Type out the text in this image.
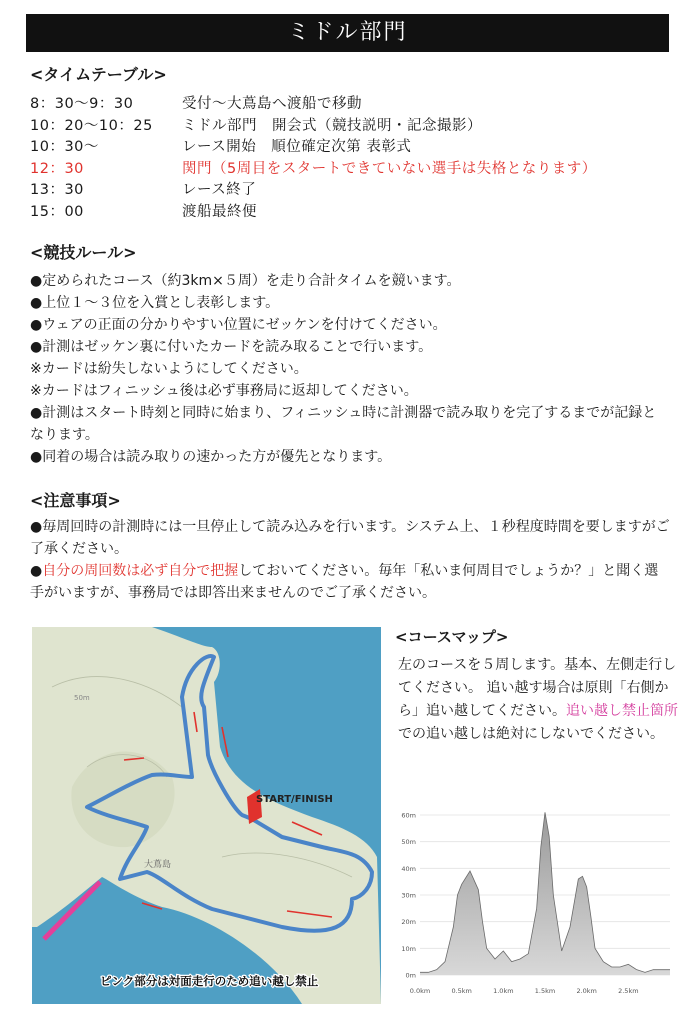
ミドル部門
<タイムテーブル>
8：30～9：30	受付～大蔦島へ渡船で移動
10：20～10：25 ミドル部門　開会式（競技説明・記念撮影）
10：30～	レース開始　順位確定次第 表彰式
12：30	関門（5周目をスタートできていない選手は失格となります）
13：30	レース終了
15：00	渡船最終便
<競技ルール>

●定められたコース（約3km×５周）を走り合計タイムを競います。

●上位１～３位を入賞とし表彰します。

●ウェアの正面の分かりやすい位置にゼッケンを付けてください。

●計測はゼッケン裏に付いたカードを読み取ることで行います。

※カードは紛失しないようにしてください。

※カードはフィニッシュ後は必ず事務局に返却してください。

●計測はスタート時刻と同時に始まり、フィニッシュ時に計測器で読み取りを完了するまでが記録となります。

●同着の場合は読み取りの速かった方が優先となります。

<注意事項>

●毎周回時の計測時には一旦停止して読み込みを行います。システム上、１秒程度時間を要しますがご了承ください。

●自分の周回数は必ず自分で把握しておいてください。毎年「私いま何周目でしょうか？」と聞く選手がいますが、事務局では即答出来ませんのでご了承ください。

50m
START/FINISH
大蔦島
ピンク部分は対面走行のため追い越し禁止
<コースマップ>
左のコースを５周します。基本、左側走行してください。 追い越す場合は原則「右側から」追い越してください。追い越し禁止箇所での追い越しは絶対にしないでください。
0m
10m
20m
30m
40m
50m
60m
0.0km	0.5km	1.0km	1.5km	2.0km	2.5km
